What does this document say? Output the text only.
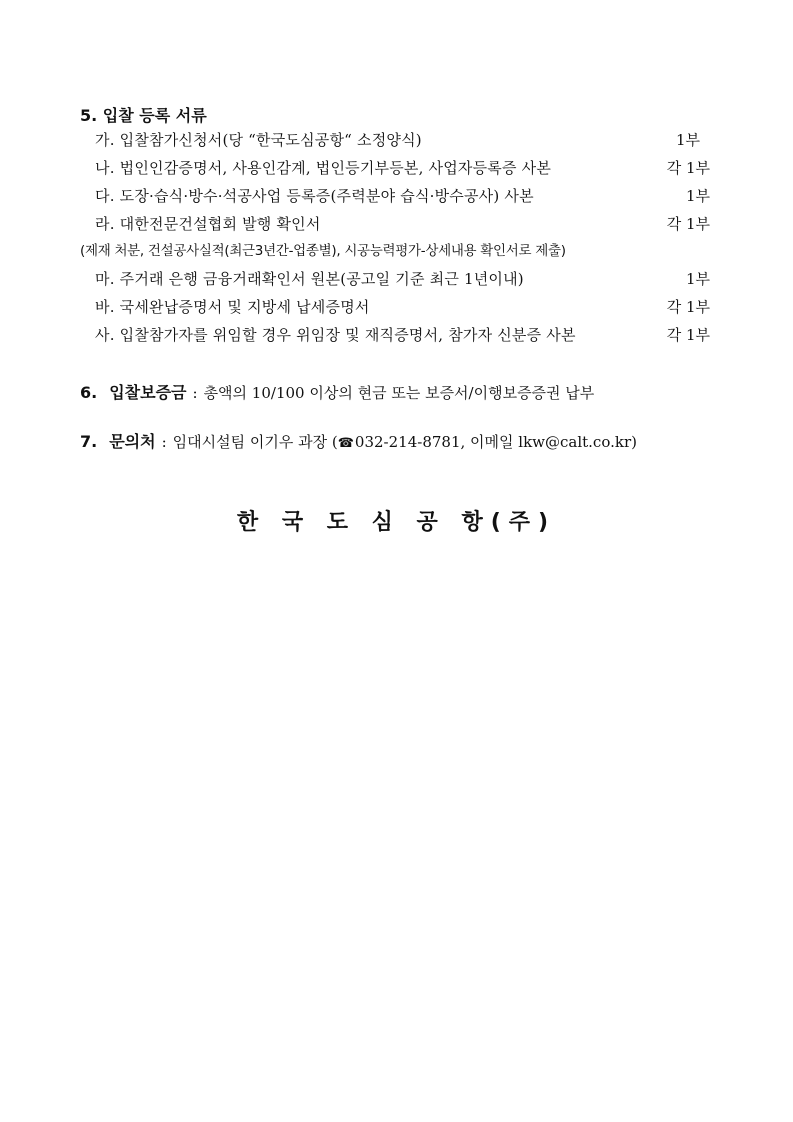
5. 입찰 등록 서류
가. 입찰참가신청서(당 “한국도심공항“ 소정양식)	1부
나. 법인인감증명서, 사용인감계, 법인등기부등본, 사업자등록증 사본	각 1부
다. 도장·습식·방수·석공사업 등록증(주력분야 습식·방수공사) 사본	1부
라. 대한전문건설협회 발행 확인서	각 1부
(제재 처분, 건설공사실적(최근3년간-업종별), 시공능력평가-상세내용 확인서로 제출)
마. 주거래 은행 금융거래확인서 원본(공고일 기준 최근 1년이내)	1부
바. 국세완납증명서 및 지방세 납세증명서	각 1부
사. 입찰참가자를 위임할 경우 위임장 및 재직증명서, 참가자 신분증 사본	각 1부
6. 입찰보증금 : 총액의 10/100 이상의 현금 또는 보증서/이행보증증권 납부
7. 문의처 : 임대시설팀 이기우 과장 (☎032-214-8781, 이메일 lkw@calt.co.kr)
한 국 도 심 공 항(주)
